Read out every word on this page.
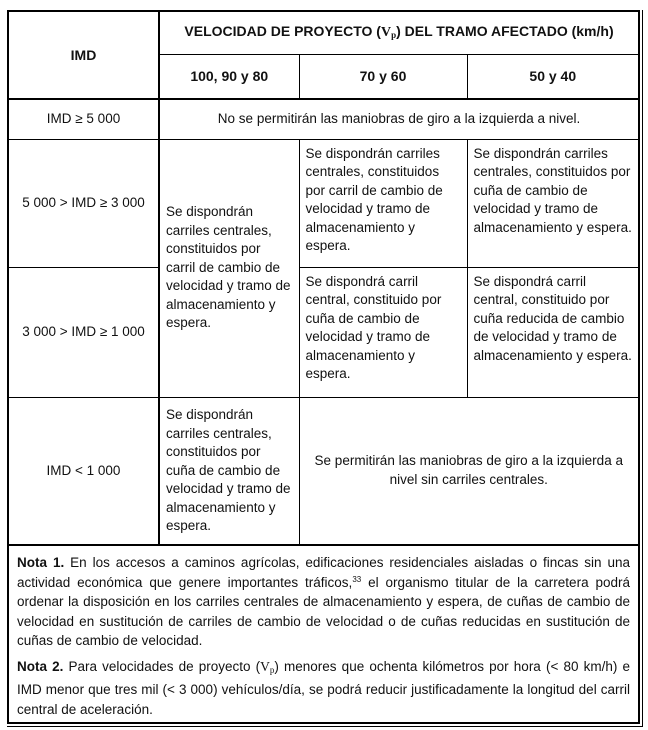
IMD	VELOCIDAD DE PROYECTO $(V_p)$ DEL TRAMO AFECTADO (km/h)		
	100, 90 y 80	70 y 60	50 y 40
IMD ≥ 5 000	No se permitirán las maniobras de giro a la izquierda a nivel.		
5 000 > IMD ≥ 3 000	Se dispondrán carriles centrales, constituidos por carril de cambio de velocidad y tramo de almacenamiento y espera.	Se dispondrán carriles centrales, constituidos por carril de cambio de velocidad y tramo de almacenamiento y espera.	Se dispondrán carriles centrales, constituidos por cuña de cambio de velocidad y tramo de almacenamiento y espera.
3 000 > IMD ≥ 1 000		Se dispondrá carril central, constituido por cuña de cambio de velocidad y tramo de almacenamiento y espera.	Se dispondrá carril central, constituido por cuña reducida de cambio de velocidad y tramo de almacenamiento y espera.
IMD < 1 000	Se dispondrán carriles centrales, constituidos por cuña de cambio de velocidad y tramo de almacenamiento y espera.	Se permitirán las maniobras de giro a la izquierda a nivel sin carriles centrales.	

Nota 1. En los accesos a caminos agrícolas, edificaciones residenciales aisladas o fincas sin una actividad económica que genere importantes tráficos,$^{33}$ el organismo titular de la carretera podrá ordenar la disposición en los carriles centrales de almacenamiento y espera, de cuñas de cambio de velocidad en sustitución de carriles de cambio de velocidad o de cuñas reducidas en sustitución de cuñas de cambio de velocidad.

Nota 2. Para velocidades de proyecto $(V_p)$ menores que ochenta kilómetros por hora (< 80 km/h) e IMD menor que tres mil (< 3 000) vehículos/día, se podrá reducir justificadamente la longitud del carril central de aceleración.
